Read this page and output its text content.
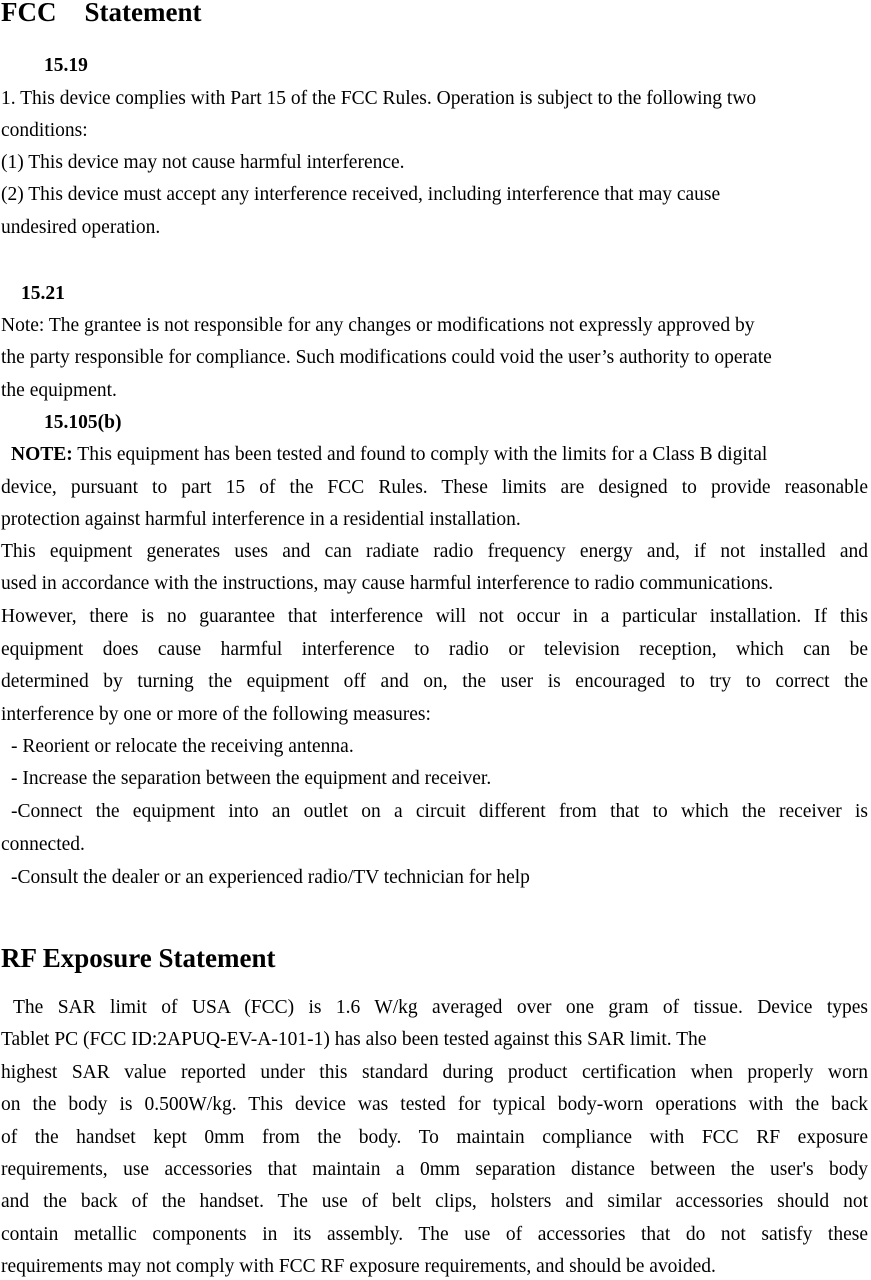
FCC Statement
15.19
1. This device complies with Part 15 of the FCC Rules. Operation is subject to the following two
conditions:
(1) This device may not cause harmful interference.
(2) This device must accept any interference received, including interference that may cause
undesired operation.
15.21
Note: The grantee is not responsible for any changes or modifications not expressly approved by
the party responsible for compliance. Such modifications could void the user’s authority to operate
the equipment.
15.105(b)
NOTE: This equipment has been tested and found to comply with the limits for a Class B digital
device, pursuant to part 15 of the FCC Rules. These limits are designed to provide reasonable
protection against harmful interference in a residential installation.
This equipment generates uses and can radiate radio frequency energy and, if not installed and
used in accordance with the instructions, may cause harmful interference to radio communications.
However, there is no guarantee that interference will not occur in a particular installation. If this
equipment does cause harmful interference to radio or television reception, which can be
determined by turning the equipment off and on, the user is encouraged to try to correct the
interference by one or more of the following measures:
- Reorient or relocate the receiving antenna.
- Increase the separation between the equipment and receiver.
-Connect the equipment into an outlet on a circuit different from that to which the receiver is
connected.
-Consult the dealer or an experienced radio/TV technician for help
RF Exposure Statement
The SAR limit of USA (FCC) is 1.6 W/kg averaged over one gram of tissue. Device types
Tablet PC (FCC ID:2APUQ-EV-A-101-1) has also been tested against this SAR limit. The
highest SAR value reported under this standard during product certification when properly worn
on the body is 0.500W/kg. This device was tested for typical body-worn operations with the back
of the handset kept 0mm from the body. To maintain compliance with FCC RF exposure
requirements, use accessories that maintain a 0mm separation distance between the user's body
and the back of the handset. The use of belt clips, holsters and similar accessories should not
contain metallic components in its assembly. The use of accessories that do not satisfy these
requirements may not comply with FCC RF exposure requirements, and should be avoided.
